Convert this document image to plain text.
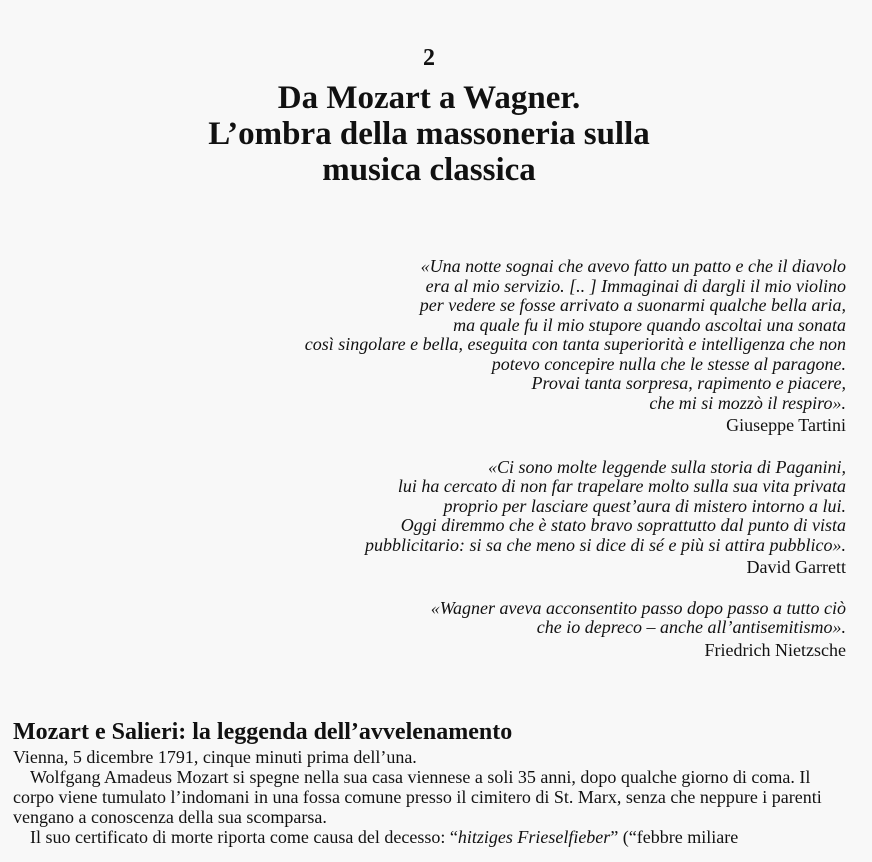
2
Da Mozart a Wagner.
L’ombra della massoneria sulla
musica classica
«Una notte sognai che avevo fatto un patto e che il diavolo
era al mio servizio. [.. ] Immaginai di dargli il mio violino
per vedere se fosse arrivato a suonarmi qualche bella aria,
ma quale fu il mio stupore quando ascoltai una sonata
così singolare e bella, eseguita con tanta superiorità e intelligenza che non
potevo concepire nulla che le stesse al paragone.
Provai tanta sorpresa, rapimento e piacere,
che mi si mozzò il respiro».
Giuseppe Tartini
«Ci sono molte leggende sulla storia di Paganini,
lui ha cercato di non far trapelare molto sulla sua vita privata
proprio per lasciare quest’aura di mistero intorno a lui.
Oggi diremmo che è stato bravo soprattutto dal punto di vista
pubblicitario: si sa che meno si dice di sé e più si attira pubblico».
David Garrett
«Wagner aveva acconsentito passo dopo passo a tutto ciò
che io depreco – anche all’antisemitismo».
Friedrich Nietzsche
Mozart e Salieri: la leggenda dell’avvelenamento

Vienna, 5 dicembre 1791, cinque minuti prima dell’una.

Wolfgang Amadeus Mozart si spegne nella sua casa viennese a soli 35 anni, dopo qualche giorno di coma. Il corpo viene tumulato l’indomani in una fossa comune presso il cimitero di St. Marx, senza che neppure i parenti vengano a conoscenza della sua scomparsa.

Il suo certificato di morte riporta come causa del decesso: “hitziges Frieselfieber” (“febbre miliare
